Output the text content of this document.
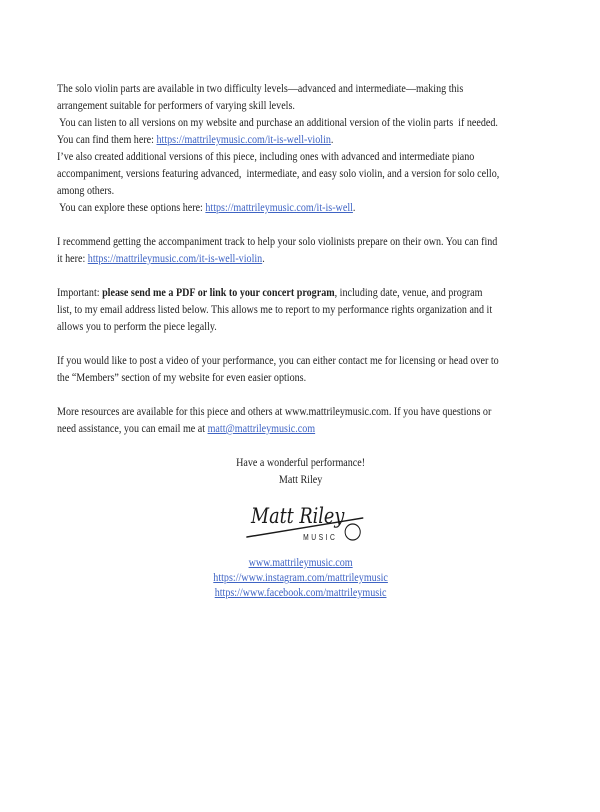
The solo violin parts are available in two difficulty levels—advanced and intermediate—making this
arrangement suitable for performers of varying skill levels.
You can listen to all versions on my website and purchase an additional version of the violin parts  if needed.
You can find them here: https://mattrileymusic.com/it-is-well-violin.
I’ve also created additional versions of this piece, including ones with advanced and intermediate piano
accompaniment, versions featuring advanced,  intermediate, and easy solo violin, and a version for solo cello,
among others.
You can explore these options here: https://mattrileymusic.com/it-is-well.
I recommend getting the accompaniment track to help your solo violinists prepare on their own. You can find
it here: https://mattrileymusic.com/it-is-well-violin.
Important: please send me a PDF or link to your concert program, including date, venue, and program
list, to my email address listed below. This allows me to report to my performance rights organization and it
allows you to perform the piece legally.
If you would like to post a video of your performance, you can either contact me for licensing or head over to
the “Members” section of my website for even easier options.
More resources are available for this piece and others at www.mattrileymusic.com. If you have questions or
need assistance, you can email me at matt@mattrileymusic.com
Have a wonderful performance!
Matt Riley
Matt Riley
MUSIC
www.mattrileymusic.com
https://www.instagram.com/mattrileymusic
https://www.facebook.com/mattrileymusic
